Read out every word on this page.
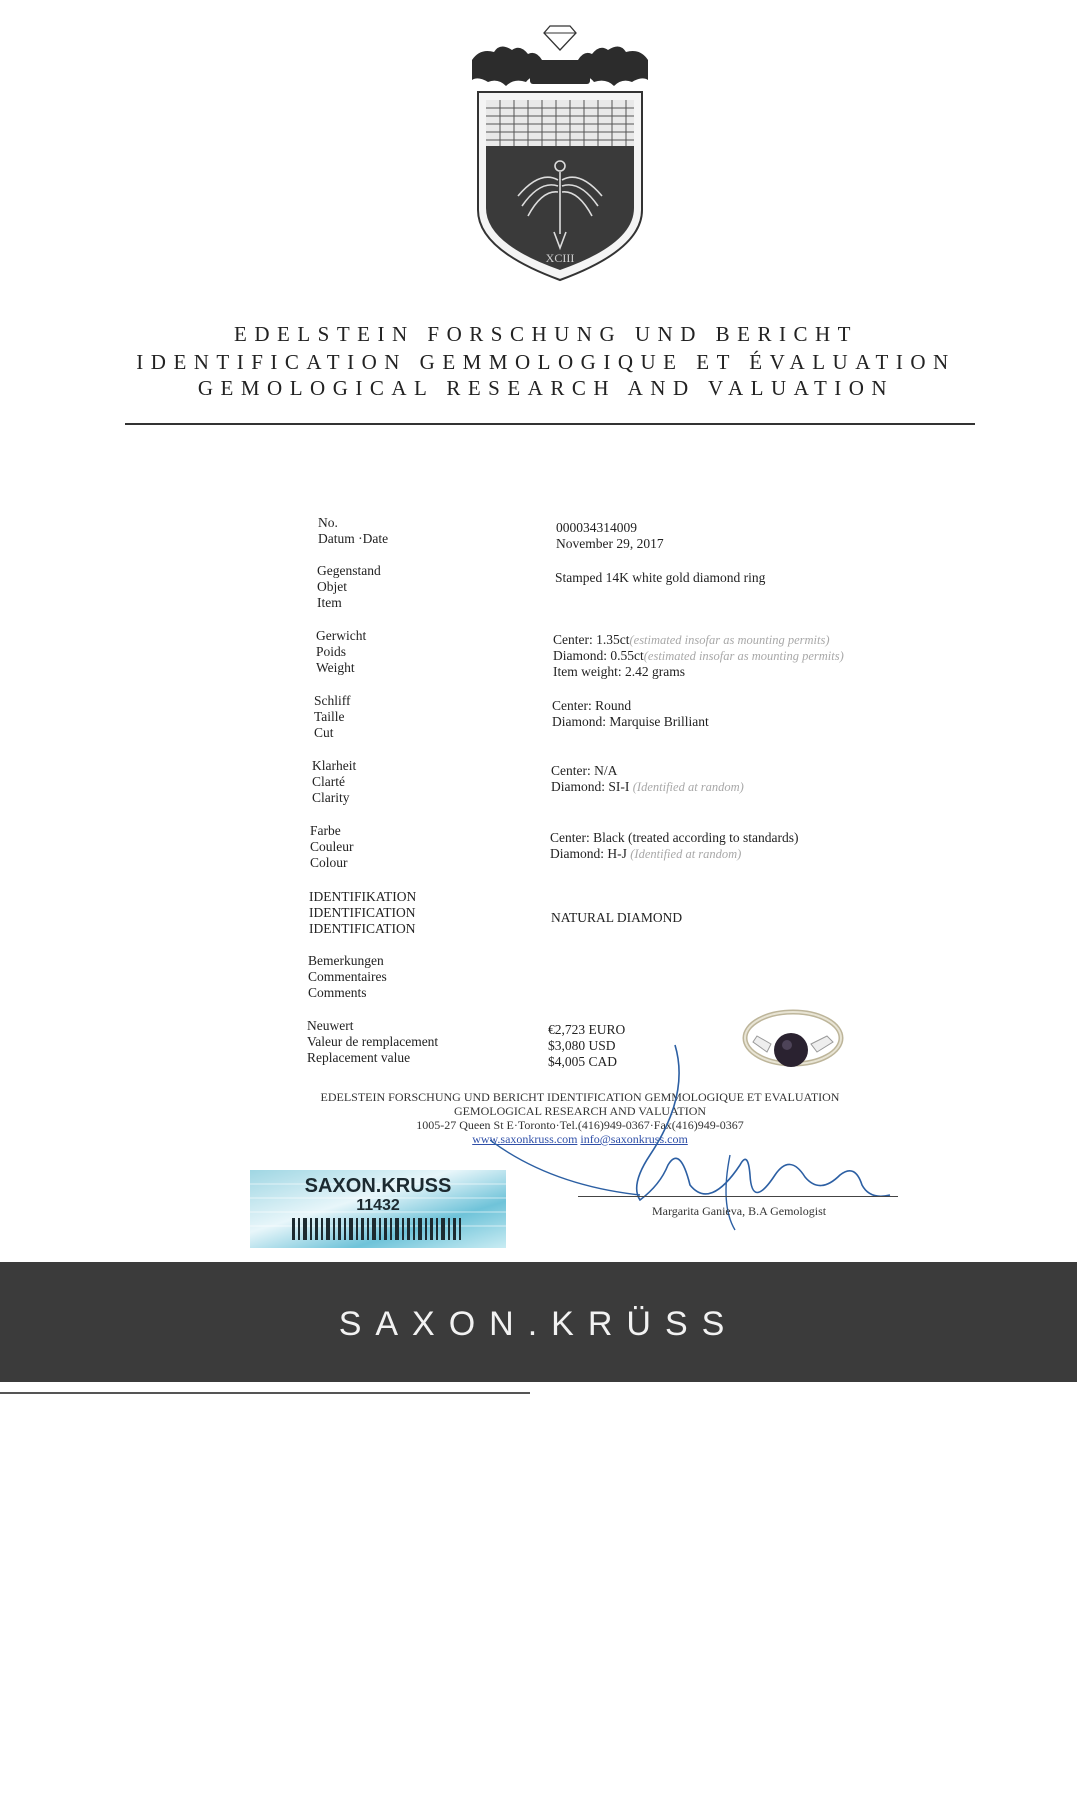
XCIII
EDELSTEIN FORSCHUNG UND BERICHT
IDENTIFICATION GEMMOLOGIQUE ET ÉVALUATION
GEMOLOGICAL RESEARCH AND VALUATION
No.
Datum ·Date
000034314009
November 29, 2017
Gegenstand
Objet
Item
Stamped 14K white gold diamond ring
Gerwicht
Poids
Weight
Center: 1.35ct(estimated insofar as mounting permits)
Diamond: 0.55ct(estimated insofar as mounting permits)
Item weight: 2.42 grams
Schliff
Taille
Cut
Center: Round
Diamond: Marquise Brilliant
Klarheit
Clarté
Clarity
Center: N/A
Diamond: SI-I (Identified at random)
Farbe
Couleur
Colour
Center: Black (treated according to standards)
Diamond: H-J (Identified at random)
IDENTIFIKATION
IDENTIFICATION
IDENTIFICATION
NATURAL DIAMOND
Bemerkungen
Commentaires
Comments
Neuwert
Valeur de remplacement
Replacement value
€2,723 EURO
$3,080 USD
$4,005 CAD
EDELSTEIN FORSCHUNG UND BERICHT IDENTIFICATION GEMMOLOGIQUE ET EVALUATION
GEMOLOGICAL RESEARCH AND VALUATION
1005-27 Queen St E·Toronto·Tel.(416)949-0367·Fax(416)949-0367
www.saxonkruss.com info@saxonkruss.com
Margarita Ganieva, B.A Gemologist
SAXON.KRUSS
11432
SAXON.KRÜSS
